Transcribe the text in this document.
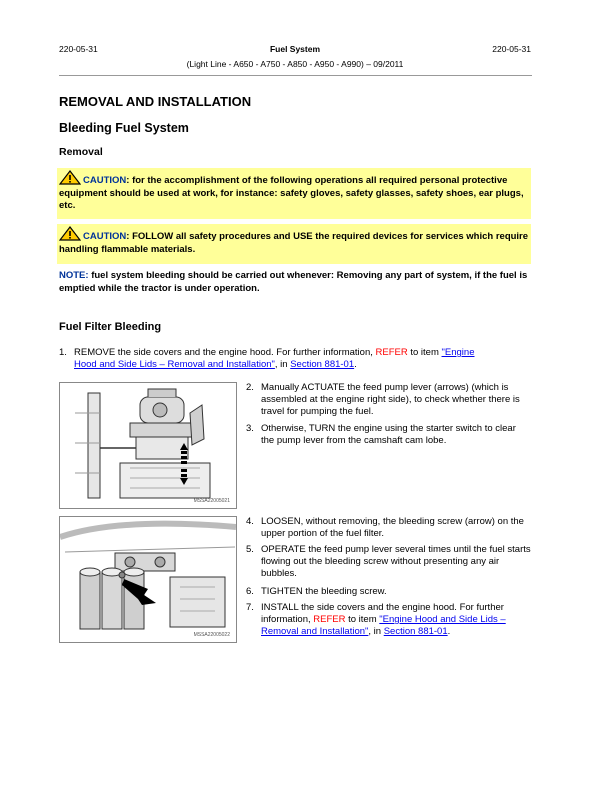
220-05-31	Fuel System	220-05-31
(Light Line - A650 - A750 - A850 - A950 - A990) – 09/2011
REMOVAL AND INSTALLATION
Bleeding Fuel System
Removal
CAUTION: for the accomplishment of the following operations all required personal protective equipment should be used at work, for instance: safety gloves, safety glasses, safety shoes, ear plugs, etc.
CAUTION: FOLLOW all safety procedures and USE the required devices for services which require handling flammable materials.
NOTE: fuel system bleeding should be carried out whenever: Removing any part of system, if the fuel is emptied while the tractor is under operation.
Fuel Filter Bleeding
1. REMOVE the side covers and the engine hood. For further information, REFER to item "Engine
Hood and Side Lids – Removal and Installation", in Section 881-01.
MSSA22005021
2. Manually ACTUATE the feed pump lever (arrows) (which is assembled at the engine right side), to check whether there is travel for pumping the fuel.
3. Otherwise, TURN the engine using the starter switch to clear the pump lever from the camshaft cam lobe.
MSSA22005022
4. LOOSEN, without removing, the bleeding screw (arrow) on the upper portion of the fuel filter.
5. OPERATE the feed pump lever several times until the fuel starts flowing out the bleeding screw without presenting any air bubbles.
6. TIGHTEN the bleeding screw.
7. INSTALL the side covers and the engine hood. For further information, REFER to item "Engine Hood and Side Lids – Removal and Installation", in Section 881-01.
